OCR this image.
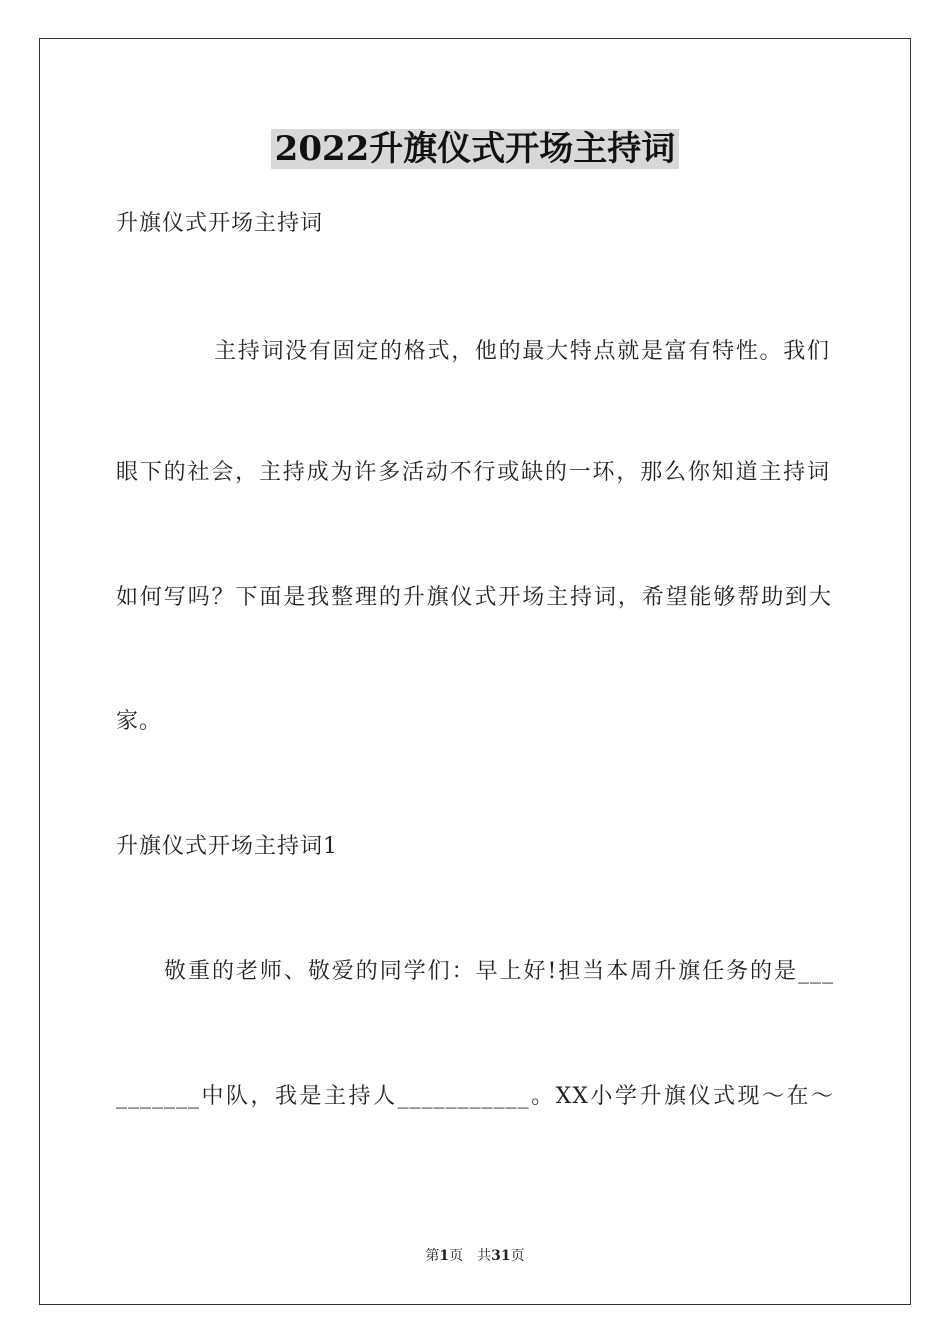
2022升旗仪式开场主持词
升旗仪式开场主持词
主持词没有固定的格式，他的最大特点就是富有特性。我们
眼下的社会，主持成为许多活动不行或缺的一环，那么你知道主持词
如何写吗？下面是我整理的升旗仪式开场主持词，希望能够帮助到大
家。
升旗仪式开场主持词1
敬重的老师、敬爱的同学们：早上好!担当本周升旗任务的是___
_______中队，我是主持人___________。XX小学升旗仪式现～在～
第1页 共31页
